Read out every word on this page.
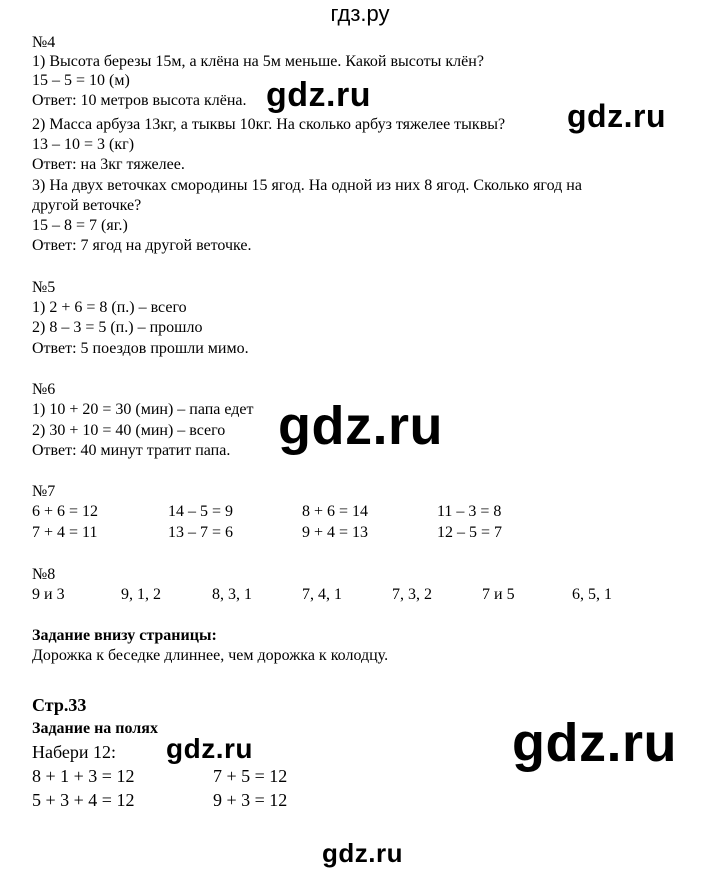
гдз.ру
№4
1) Высота березы 15м, а клёна на 5м меньше. Какой высоты клён?
15 – 5 = 10 (м)
Ответ: 10 метров высота клёна.
2) Масса арбуза 13кг, а тыквы 10кг. На сколько арбуз тяжелее тыквы?
13 – 10 = 3 (кг)
Ответ: на 3кг тяжелее.
3) На двух веточках смородины 15 ягод. На одной из них 8 ягод. Сколько ягод на
другой веточке?
15 – 8 = 7 (яг.)
Ответ: 7 ягод на другой веточке.
№5
1) 2 + 6 = 8 (п.) – всего
2) 8 – 3 = 5 (п.) – прошло
Ответ: 5 поездов прошли мимо.
№6
1) 10 + 20 = 30 (мин) – папа едет
2) 30 + 10 = 40 (мин) – всего
Ответ: 40 минут тратит папа.
№7
6 + 6 = 12	14 – 5 = 9	8 + 6 = 14	11 – 3 = 8
7 + 4 = 11	13 – 7 = 6	9 + 4 = 13	12 – 5 = 7
№8
9 и 3	9, 1, 2	8, 3, 1	7, 4, 1	7, 3, 2	7 и 5	6, 5, 1
Задание внизу страницы:
Дорожка к беседке длиннее, чем дорожка к колодцу.
Стр.33
Задание на полях
Набери 12:
8 + 1 + 3 = 12	7 + 5 = 12
5 + 3 + 4 = 12	9 + 3 = 12
gdz.ru
gdz.ru
gdz.ru
gdz.ru
gdz.ru
gdz.ru
